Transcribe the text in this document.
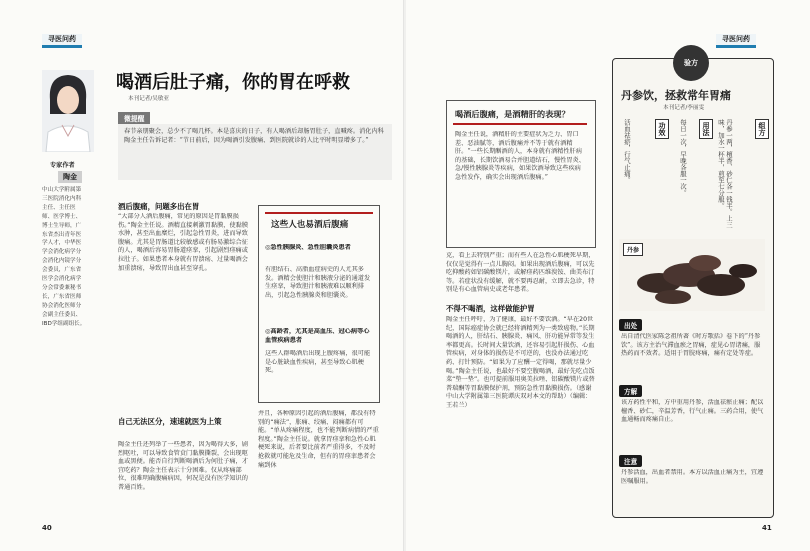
寻医问药
专家作者
陶金
中山大学附属第三医院消化内科主任、主任医师、医学博士、博士生导师，广东省杰出青年医学人才，中华医学会消化病学分会消化内镜学分会委员，广东省医学会消化病学分会常委兼秘书长，广东省医师协会消化医师分会副主任委员、IBD学组副组长。
喝酒后肚子痛，你的胃在呼救
本刊记者/吴敏亚
微提醒
春节亲朋聚会，总少不了喝几杯。本是喜庆的日子，有人喝酒后却肠胃肚子，直喊疼。消化内科陶金主任告诉记者：“节日前后，因为喝酒引发腹痛、到医院就诊的人比平时明显增多了。”
酒后腹痛，问题多出在胃
“大部分人酒后腹痛，常见的原因是胃黏膜损伤。”陶金主任说。酒精直接刺激胃黏膜，使黏膜水肿，甚至出血糜烂，引起急性胃炎，进而导致腹痛。尤其是胃肠道比较敏感或有肠易激综合征的人，喝酒后容易胃肠道痉挛，引起剧烈痉痛或拉肚子。如果患者本身就有胃溃疡、过量喝酒会加重溃疡，导致胃出血甚至穿孔。
自己无法区分，速速就医为上策
陶金主任还列举了一些患者，因为喝得大多，剧烈呕吐，可以导致食管贲门黏膜撕裂，会出现呕血或黑便。能否自行判断喝酒后为何肚子痛，才宜吃药？陶金主任表示十分困难。仅从疼痛部位，很难明确腹痛病因，何况是没有医学知识的普通百姓。
这些人也易酒后腹痛
◎急性胰腺炎、急性胆囊炎患者
有胆结石、高脂血症病史的人尤其多发。酒精会使胆汁和胰液分泌的通道发生痉挛，导致胆汁和胰液难以顺利排出，引起急性胰腺炎和胆囊炎。
◎高龄者，尤其是高血压、冠心病等心血管疾病患者
这些人群喝酒后出现上腹疼痛，很可能是心脏缺血性疾病，甚至导致心肌梗死。
并且，各种原因引起的酒后腹痛，都没有特别的“痛法”，胀痛、绞痛、闷痛都有可能。“单从疼痛程度，也不能判断病情的严重程度。”陶金主任说。就拿胃痉挛和急性心肌梗死来说，后者要比前者严重得多，不及时抢救就可能危及生命，但有的胃痉挛患者会痛到休
40
寻医问药
喝酒后腹痛，是酒精肝的表现？
陶金主任说，酒精肝的主要症状为乏力、胃口差、恶油腻等，酒后腹痛并不等于就有酒精肝。“一些长期酗酒的人，本身就有酒精性肝病的基础，长期饮酒易合并胆道结石，慢性胃炎、急/慢性胰腺炎等疾病，如果饮酒导致这些疾病急性发作，确实会出现酒后腹痛。”
克，看上去特别严重；而有些人在急性心肌梗死早期，仅仅是觉得有一点儿胸闷。如果出现酒后腹痛，可以先吃抑酸药如铝碳酸镁片，或解痉药匹维溴铵、曲美布汀等。若症状没有缓解，就不要再忍耐，立即去急诊，特别是有心血管病史或老年患者。
不得不喝酒，这样做能护胃
陶金主任呼吁，为了健康，最好不要饮酒。“早在20世纪，国际癌症协会就已经将酒精列为一类致癌物。”长期喝酒的人，肝结石、胰腺炎、痛风、肝功能异常等发生率都更高。长时间大量饮酒，还容易引起肝损伤、心血管疾病，对身体的损伤是不可逆的，也没办法通过吃药、打针预防。“如果为了应酬一定得喝，那就尽量少喝。”陶金主任说，也最好不要空腹喝酒，最好先吃点饭菜“垫一垫”。也可提前服用奥美拉唑、铝碳酸镁片或替普瑞酮等胃黏膜保护剂，预防急性胃黏膜损伤。（感谢中山大学附属第三医院谭庆双对本文的帮助）（编辑：王若兰）
41
验方
丹参饮，拯救常年胃痛
本刊记者/李丽雯
组方
丹参一两，檀香、砂仁各一钱半。上三味，加水一杯半，煎至七分服。
用法
每日一次，早晚各服一次。
功效
活血祛瘀，行气止痛。
丹参
出处
出自清代医家陈念祖所著《时方歌括》卷下的“丹参饮”。该方主治气滞血瘀之胃痛，症见心胃诸痛，服热药而不效者。适用于胃脘疼痛，痛有定处等症。
方解
该方药性平和，方中重用丹参，活血祛瘀止痛；配以檀香、砂仁，辛温芳香，行气止痛。三药合用，使气血通畅而疼痛自止。
注意
丹参活血，出血者禁用。本方以活血止痛为主，宜遵医嘱服用。
